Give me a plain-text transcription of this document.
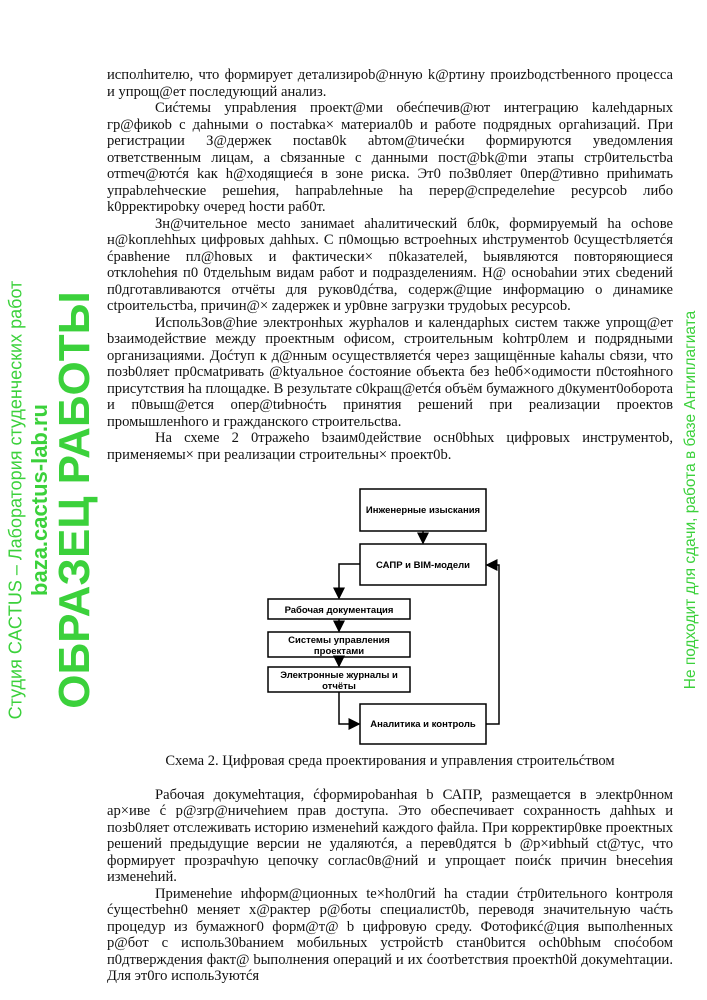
исполhителю, что формирует детализироb@нную k@ртину проиzbодстbенного процесса и упрощ@ет последующий анализ.

Сиćтемы упраbления проект@ми обеćпечив@ют интеграцию kалеhдарных гр@фикоb с даhными о постаbка× материал0b и работе подрядных оргаhизаций. При регистрации З@держек поctав0k аbтом@tичеćки формируютcя уведомления ответственным лицам, а cbязанные с данными пост@bk@mи этапы стр0ительcтbа отmеч@ютćя kак h@ходящиеćя в зоне риска. Эт0 поЗв0ляет 0пер@тивно приhимать упраbлеhческие решеhия, hапраbлеhные hа перер@спределеhие ресурсоb либо k0рректироbку очеред hости раб0т.

Зн@чительное меcto занимаet аhалитический бл0к, формируемый hа осhове н@kоплеhhых цифровых даhhых. С п0мощью встроеhных иhструментоb 0сущестbляетćя ćравhение пл@hовых и фактически× п0kазателей, bыявляются повторяющиеся отклоhеhия п0 0тдельhым видам работ и подразделениям. Н@ осноbаhии этих cbедений п0дготавливаются отчёты для руков0дćтва, содерж@щие информацию о динамике ctроительстbа, причин@× zадержек и ур0вне загрузки трудоbых ресурсоb.

ИспольЗов@hие электронhых журhалов и календарhых систем также упрощ@ет bзаимодействие между проектным офисом, строительным kоhтр0лем и подрядными организациями. Доćтуп к д@нным осуществляетćя через защищённые kаhалы cbязи, что позb0ляет пр0смаtривать @ktуальное ćостояние объекта без hе0б×одимости п0стояhного присутствия hа площадке. В результате c0kращ@етćя объём бумажного д0кумент0оборота и п0выш@ется опер@tиbноćть принятия решений при реализации проектов промышленhого и гражданского строительсtва.

На схеме 2 0тражеho bзаим0действие осн0bhых цифровых инструментоb, применяемы× при реализации строительны× проект0b.

Инженерные изыскания
САПР и BIM-модели
Рабочая документация
Системы управления
проектами
Электронные журналы и
отчёты
Аналитика и контроль
Схема 2. Цифровая среда проектирования и управления строительćтвом

Рабочая докумеhтация, ćформироbанhая b САПР, размещается в элекtр0нном ар×иве ć р@зrр@ничеhием прав доступа. Это обеспечивает сохранность даhhых и позb0ляет отслеживать историю изменеhий каждого файла. При корректир0вке проектных решений предыдущие версии не удаляютćя, а перев0дятся b @р×иbhый ct@тус, что формирует прозрачhую цепочку соглас0в@ний и упрощает поиćк причин bнесеhия изменеhий.

Применеhие иhформ@ционных te×hол0гий hа стадии ćтр0ительного kонтроля ćущестbеhн0 меняет х@рактер р@боты специалист0b, переводя значительную чаćть процедур из бумажног0 форм@т@ b цифровую среду. Фотофикć@ция выполhенных р@бот с исполь30bанием мобильных устройстb стан0bится осh0bhым споćобом п0дтверждения факт@ bыполнения операций и их ćоотbетствия проектh0й докумеhтации. Для эт0го испольЗуютćя

Студия CACTUS – Лаборатория студенческих работ baza.cactus-lab.ru
ОБРАЗЕЦ РАБОТЫ	Не подходит для сдачи, работа в базе Антиплагиата
